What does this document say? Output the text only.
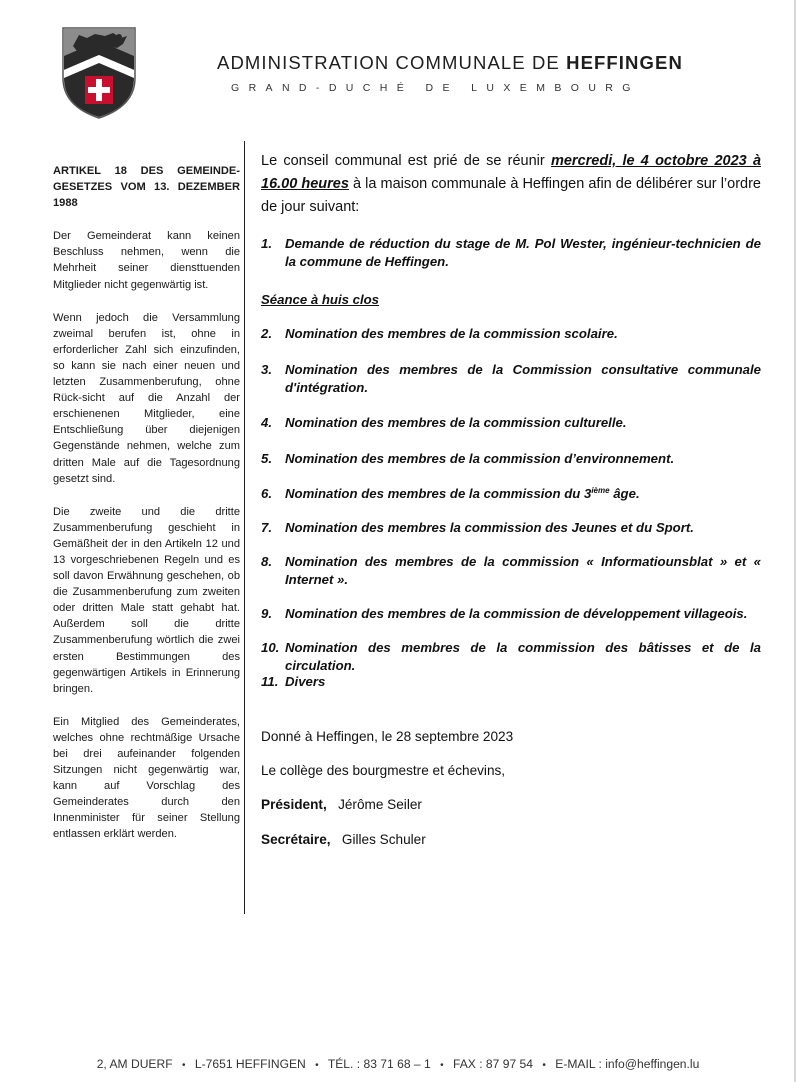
ADMINISTRATION COMMUNALE DE HEFFINGEN
GRAND-DUCHÉ DE LUXEMBOURG
ARTIKEL 18 DES GEMEINDE-GESETZES VOM 13. DEZEMBER 1988

Der Gemeinderat kann keinen Beschluss nehmen, wenn die Mehrheit seiner diensttuenden Mitglieder nicht gegenwärtig ist.

Wenn jedoch die Versammlung zweimal berufen ist, ohne in erforderlicher Zahl sich einzufinden, so kann sie nach einer neuen und letzten Zusammenberufung, ohne Rück-sicht auf die Anzahl der erschienenen Mitglieder, eine Entschließung über diejenigen Gegenstände nehmen, welche zum dritten Male auf die Tagesordnung gesetzt sind.

Die zweite und die dritte Zusammenberufung geschieht in Gemäßheit der in den Artikeln 12 und 13 vorgeschriebenen Regeln und es soll davon Erwähnung geschehen, ob die Zusammenberufung zum zweiten oder dritten Male statt gehabt hat. Außerdem soll die dritte Zusammenberufung wörtlich die zwei ersten Bestimmungen des gegenwärtigen Artikels in Erinnerung bringen.

Ein Mitglied des Gemeinderates, welches ohne rechtmäßige Ursache bei drei aufeinander folgenden Sitzungen nicht gegenwärtig war, kann auf Vorschlag des Gemeinderates durch den Innenminister für seiner Stellung entlassen erklärt werden.

Le conseil communal est prié de se réunir mercredi, le 4 octobre 2023 à 16.00 heures à la maison communale à Heffingen afin de délibérer sur l’ordre de jour suivant:

1. Demande de réduction du stage de M. Pol Wester, ingénieur-technicien de la commune de Heffingen.
Séance à huis clos
2. Nomination des membres de la commission scolaire.
3. Nomination des membres de la Commission consultative communale d'intégration.
4. Nomination des membres de la commission culturelle.
5. Nomination des membres de la commission d’environnement.
6. Nomination des membres de la commission du 3ième âge.
7. Nomination des membres la commission des Jeunes et du Sport.
8. Nomination des membres de la commission « Informatiounsblat » et « Internet ».
9. Nomination des membres de la commission de développement villageois.
10. Nomination des membres de la commission des bâtisses et de la circulation.
11. Divers
Donné à Heffingen, le 28 septembre 2023
Le collège des bourgmestre et échevins,
Président, Jérôme Seiler
Secrétaire, Gilles Schuler
2, AM DUERF • L-7651 HEFFINGEN • TÉL. : 83 71 68 – 1 • FAX : 87 97 54 • E-MAIL : info@heffingen.lu
